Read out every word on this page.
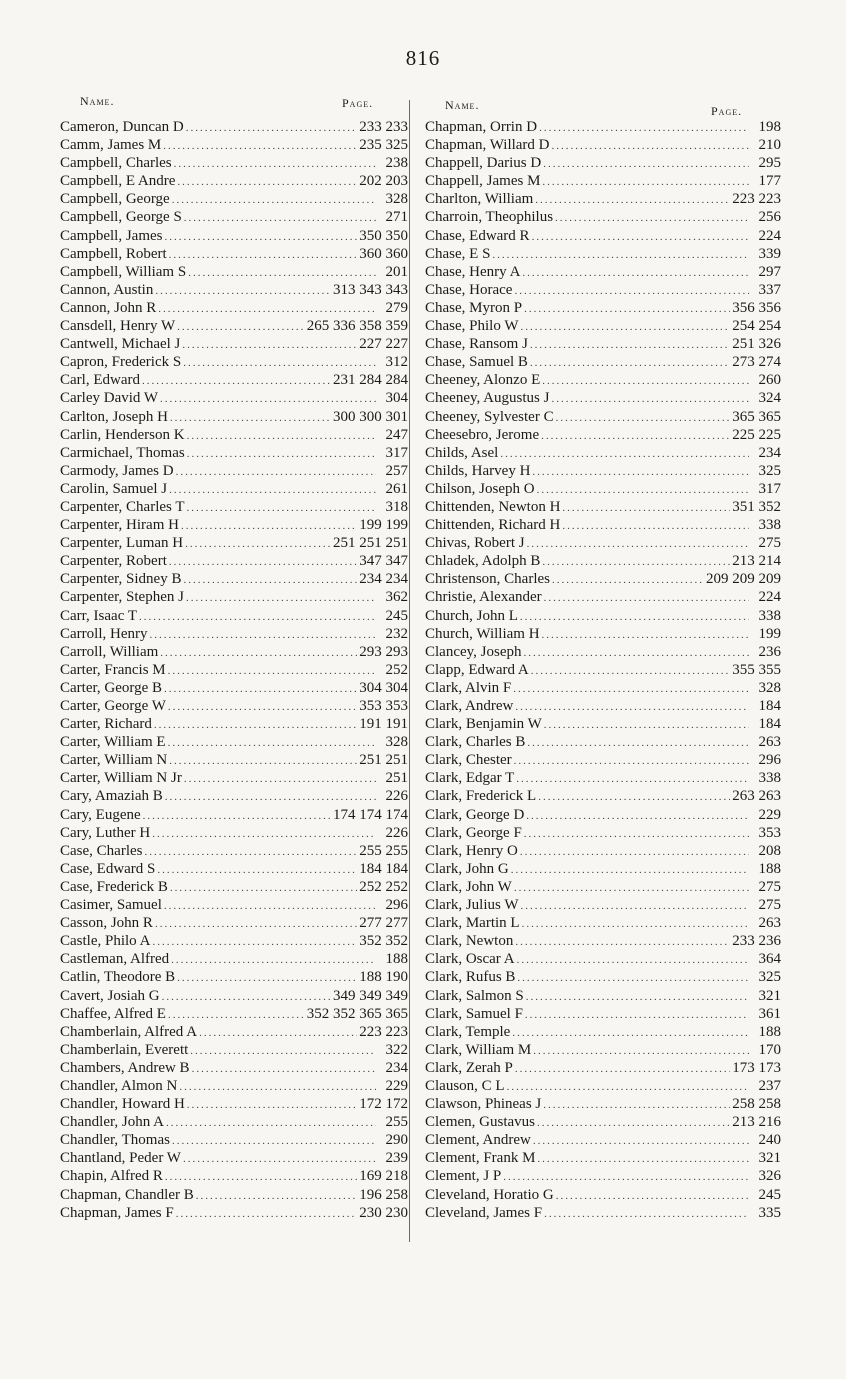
816
Name.	Page.
Cameron, Duncan D .....	233 233
Camm, James M .....	235 325
Campbell, Charles .....	238
Campbell, E Andre .....	202 203
Campbell, George .....	328
Campbell, George S .....	271
Campbell, James .....	350 350
Campbell, Robert .....	360 360
Campbell, William S .....	201
Cannon, Austin .....	313 343 343
Cannon, John R .....	279
Cansdell, Henry W .....	265 336 358 359
Cantwell, Michael J .....	227 227
Capron, Frederick S .....	312
Carl, Edward .....	231 284 284
Carley David W .....	304
Carlton, Joseph H .....	300 300 301
Carlin, Henderson K .....	247
Carmichael, Thomas .....	317
Carmody, James D .....	257
Carolin, Samuel J .....	261
Carpenter, Charles T .....	318
Carpenter, Hiram H .....	199 199
Carpenter, Luman H .....	251 251 251
Carpenter, Robert .....	347 347
Carpenter, Sidney B .....	234 234
Carpenter, Stephen J .....	362
Carr, Isaac T .....	245
Carroll, Henry .....	232
Carroll, William .....	293 293
Carter, Francis M .....	252
Carter, George B .....	304 304
Carter, George W .....	353 353
Carter, Richard .....	191 191
Carter, William E .....	328
Carter, William N .....	251 251
Carter, William N Jr .....	251
Cary, Amaziah B .....	226
Cary, Eugene .....	174 174 174
Cary, Luther H .....	226
Case, Charles .....	255 255
Case, Edward S .....	184 184
Case, Frederick B .....	252 252
Casimer, Samuel .....	296
Casson, John R .....	277 277
Castle, Philo A .....	352 352
Castleman, Alfred .....	188
Catlin, Theodore B .....	188 190
Cavert, Josiah G .....	349 349 349
Chaffee, Alfred E .....	352 352 365 365
Chamberlain, Alfred A .....	223 223
Chamberlain, Everett .....	322
Chambers, Andrew B .....	234
Chandler, Almon N .....	229
Chandler, Howard H .....	172 172
Chandler, John A .....	255
Chandler, Thomas .....	290
Chantland, Peder W .....	239
Chapin, Alfred R .....	169 218
Chapman, Chandler B .....	196 258
Chapman, James F .....	230 230
Name.	Page.
Chapman, Orrin D .....	198
Chapman, Willard D .....	210
Chappell, Darius D .....	295
Chappell, James M .....	177
Charlton, William .....	223 223
Charroin, Theophilus .....	256
Chase, Edward R .....	224
Chase, E S .....	339
Chase, Henry A .....	297
Chase, Horace .....	337
Chase, Myron P .....	356 356
Chase, Philo W .....	254 254
Chase, Ransom J .....	251 326
Chase, Samuel B .....	273 274
Cheeney, Alonzo E .....	260
Cheeney, Augustus J .....	324
Cheeney, Sylvester C .....	365 365
Cheesebro, Jerome .....	225 225
Childs, Asel .....	234
Childs, Harvey H .....	325
Chilson, Joseph O .....	317
Chittenden, Newton H .....	351 352
Chittenden, Richard H .....	338
Chivas, Robert J .....	275
Chladek, Adolph B .....	213 214
Christenson, Charles .....	209 209 209
Christie, Alexander .....	224
Church, John L .....	338
Church, William H .....	199
Clancey, Joseph .....	236
Clapp, Edward A .....	355 355
Clark, Alvin F .....	328
Clark, Andrew .....	184
Clark, Benjamin W .....	184
Clark, Charles B .....	263
Clark, Chester .....	296
Clark, Edgar T .....	338
Clark, Frederick L .....	263 263
Clark, George D .....	229
Clark, George F .....	353
Clark, Henry O .....	208
Clark, John G .....	188
Clark, John W .....	275
Clark, Julius W .....	275
Clark, Martin L .....	263
Clark, Newton .....	233 236
Clark, Oscar A .....	364
Clark, Rufus B .....	325
Clark, Salmon S .....	321
Clark, Samuel F .....	361
Clark, Temple .....	188
Clark, William M .....	170
Clark, Zerah P .....	173 173
Clauson, C L .....	237
Clawson, Phineas J .....	258 258
Clemen, Gustavus .....	213 216
Clement, Andrew .....	240
Clement, Frank M .....	321
Clement, J P .....	326
Cleveland, Horatio G .....	245
Cleveland, James F .....	335
